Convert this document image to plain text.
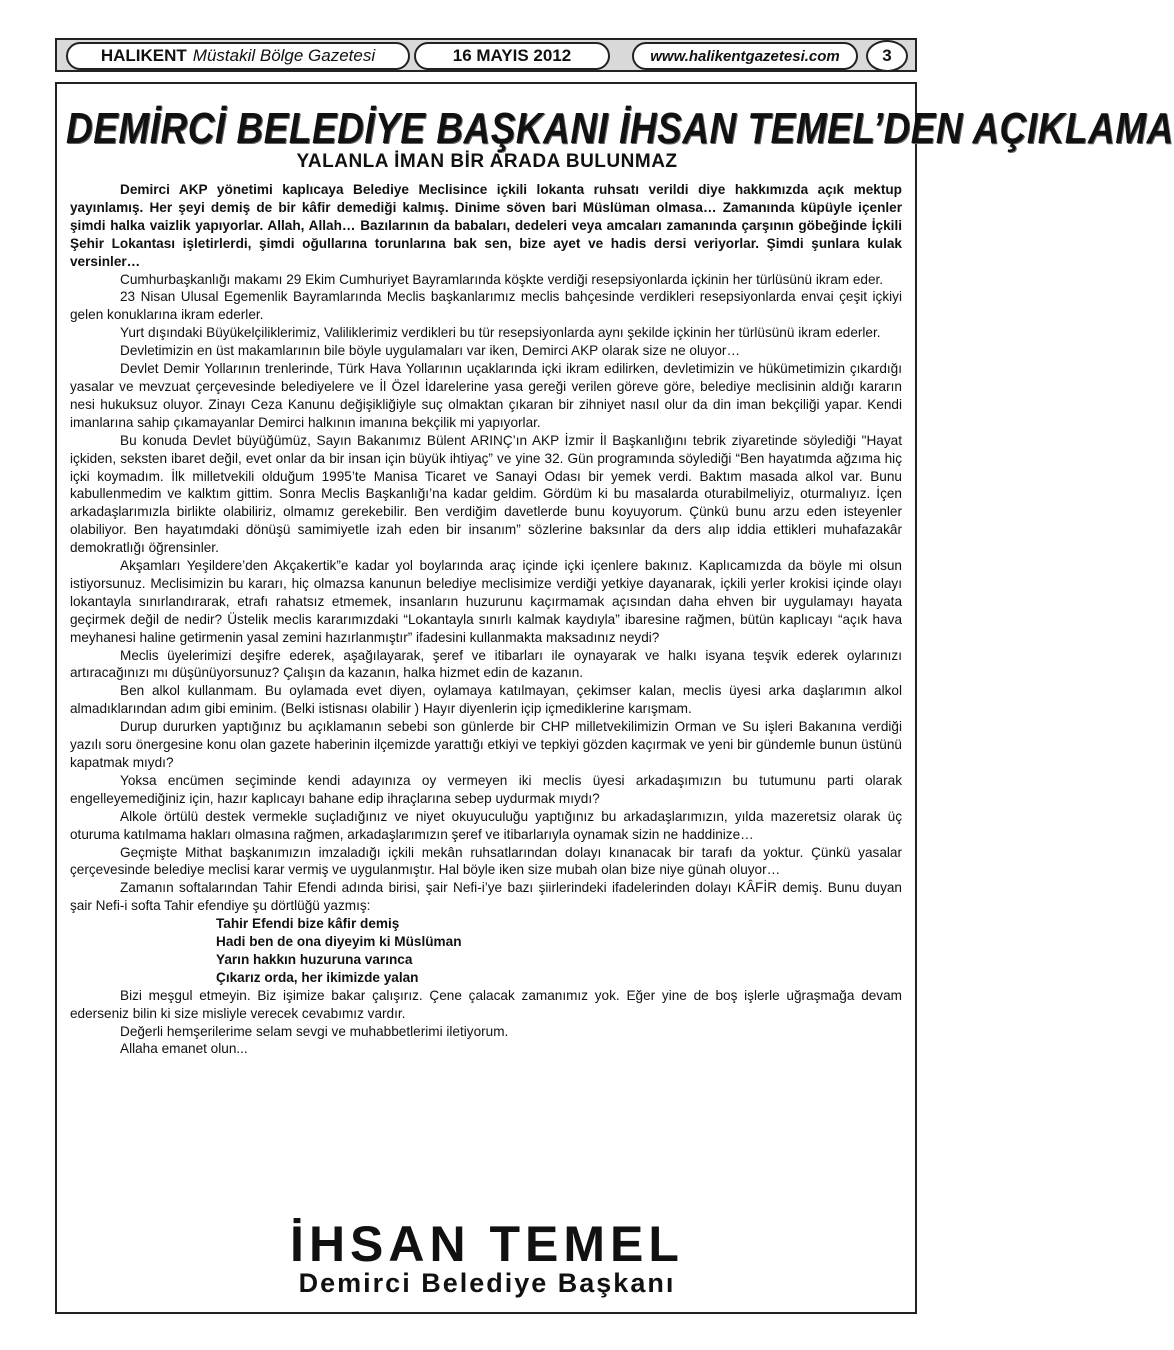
HALIKENT Müstakil Bölge Gazetesi	16 MAYIS 2012	www.halikentgazetesi.com	3
DEMİRCİ BELEDİYE BAŞKANI İHSAN TEMEL’DEN AÇIKLAMA
YALANLA İMAN BİR ARADA BULUNMAZ

Demirci AKP yönetimi kaplıcaya Belediye Meclisince içkili lokanta ruhsatı verildi diye hakkımızda açık mektup yayınlamış. Her şeyi demiş de bir kâfir demediği kalmış. Dinime söven bari Müslüman olmasa… Zamanında küpüyle içenler şimdi halka vaizlik yapıyorlar. Allah, Allah… Bazılarının da babaları, dedeleri veya amcaları zamanında çarşının göbeğinde İçkili Şehir Lokantası işletirlerdi, şimdi oğullarına torunlarına bak sen, bize ayet ve hadis dersi veriyorlar. Şimdi şunlara kulak versinler…

Cumhurbaşkanlığı makamı 29 Ekim Cumhuriyet Bayramlarında köşkte verdiği resepsiyonlarda içkinin her türlüsünü ikram eder.

23 Nisan Ulusal Egemenlik Bayramlarında Meclis başkanlarımız meclis bahçesinde verdikleri resepsiyonlarda envai çeşit içkiyi gelen konuklarına ikram ederler.

Yurt dışındaki Büyükelçiliklerimiz, Valiliklerimiz verdikleri bu tür resepsiyonlarda aynı şekilde içkinin her türlüsünü ikram ederler.

Devletimizin en üst makamlarının bile böyle uygulamaları var iken, Demirci AKP olarak size ne oluyor…

Devlet Demir Yollarının trenlerinde, Türk Hava Yollarının uçaklarında içki ikram edilirken, devletimizin ve hükümetimizin çıkardığı yasalar ve mevzuat çerçevesinde belediyelere ve İl Özel İdarelerine yasa gereği verilen göreve göre, belediye meclisinin aldığı kararın nesi hukuksuz oluyor. Zinayı Ceza Kanunu değişikliğiyle suç olmaktan çıkaran bir zihniyet nasıl olur da din iman bekçiliği yapar. Kendi imanlarına sahip çıkamayanlar Demirci halkının imanına bekçilik mi yapıyorlar.

Bu konuda Devlet büyüğümüz, Sayın Bakanımız Bülent ARINÇ’ın AKP İzmir İl Başkanlığını tebrik ziyaretinde söylediği "Hayat içkiden, seksten ibaret değil, evet onlar da bir insan için büyük ihtiyaç” ve yine 32. Gün programında söylediği “Ben hayatımda ağzıma hiç içki koymadım. İlk milletvekili olduğum 1995’te Manisa Ticaret ve Sanayi Odası bir yemek verdi. Baktım masada alkol var. Bunu kabullenmedim ve kalktım gittim. Sonra Meclis Başkanlığı’na kadar geldim. Gördüm ki bu masalarda oturabilmeliyiz, oturmalıyız. İçen arkadaşlarımızla birlikte olabiliriz, olmamız gerekebilir. Ben verdiğim davetlerde bunu koyuyorum. Çünkü bunu arzu eden isteyenler olabiliyor. Ben hayatımdaki dönüşü samimiyetle izah eden bir insanım” sözlerine baksınlar da ders alıp iddia ettikleri muhafazakâr demokratlığı öğrensinler.

Akşamları Yeşildere’den Akçakertik”e kadar yol boylarında araç içinde içki içenlere bakınız. Kaplıcamızda da böyle mi olsun istiyorsunuz. Meclisimizin bu kararı, hiç olmazsa kanunun belediye meclisimize verdiği yetkiye dayanarak, içkili yerler krokisi içinde olayı lokantayla sınırlandırarak, etrafı rahatsız etmemek, insanların huzurunu kaçırmamak açısından daha ehven bir uygulamayı hayata geçirmek değil de nedir? Üstelik meclis kararımızdaki “Lokantayla sınırlı kalmak kaydıyla” ibaresine rağmen, bütün kaplıcayı “açık hava meyhanesi haline getirmenin yasal zemini hazırlanmıştır” ifadesini kullanmakta maksadınız neydi?

Meclis üyelerimizi deşifre ederek, aşağılayarak, şeref ve itibarları ile oynayarak ve halkı isyana teşvik ederek oylarınızı artıracağınızı mı düşünüyorsunuz? Çalışın da kazanın, halka hizmet edin de kazanın.

Ben alkol kullanmam. Bu oylamada evet diyen, oylamaya katılmayan, çekimser kalan, meclis üyesi arka daşlarımın alkol almadıklarından adım gibi eminim. (Belki istisnası olabilir ) Hayır diyenlerin içip içmediklerine karışmam.

Durup dururken yaptığınız bu açıklamanın sebebi son günlerde bir CHP milletvekilimizin Orman ve Su işleri Bakanına verdiği yazılı soru önergesine konu olan gazete haberinin ilçemizde yarattığı etkiyi ve tepkiyi gözden kaçırmak ve yeni bir gündemle bunun üstünü kapatmak mıydı?

Yoksa encümen seçiminde kendi adayınıza oy vermeyen iki meclis üyesi arkadaşımızın bu tutumunu parti olarak engelleyemediğiniz için, hazır kaplıcayı bahane edip ihraçlarına sebep uydurmak mıydı?

Alkole örtülü destek vermekle suçladığınız ve niyet okuyuculuğu yaptığınız bu arkadaşlarımızın, yılda mazeretsiz olarak üç oturuma katılmama hakları olmasına rağmen, arkadaşlarımızın şeref ve itibarlarıyla oynamak sizin ne haddinize…

Geçmişte Mithat başkanımızın imzaladığı içkili mekân ruhsatlarından dolayı kınanacak bir tarafı da yoktur. Çünkü yasalar çerçevesinde belediye meclisi karar vermiş ve uygulanmıştır. Hal böyle iken size mubah olan bize niye günah oluyor…

Zamanın softalarından Tahir Efendi adında birisi, şair Nefi-i’ye bazı şiirlerindeki ifadelerinden dolayı KÂFİR demiş. Bunu duyan şair Nefi-i softa Tahir efendiye şu dörtlüğü yazmış:

Tahir Efendi bize kâfir demiş
Hadi ben de ona diyeyim ki Müslüman
Yarın hakkın huzuruna varınca
Çıkarız orda, her ikimizde yalan

Bizi meşgul etmeyin. Biz işimize bakar çalışırız. Çene çalacak zamanımız yok. Eğer yine de boş işlerle uğraşmağa devam ederseniz bilin ki size misliyle verecek cevabımız vardır.

Değerli hemşerilerime selam sevgi ve muhabbetlerimi iletiyorum.

Allaha emanet olun...

İHSAN TEMEL
Demirci Belediye Başkanı
